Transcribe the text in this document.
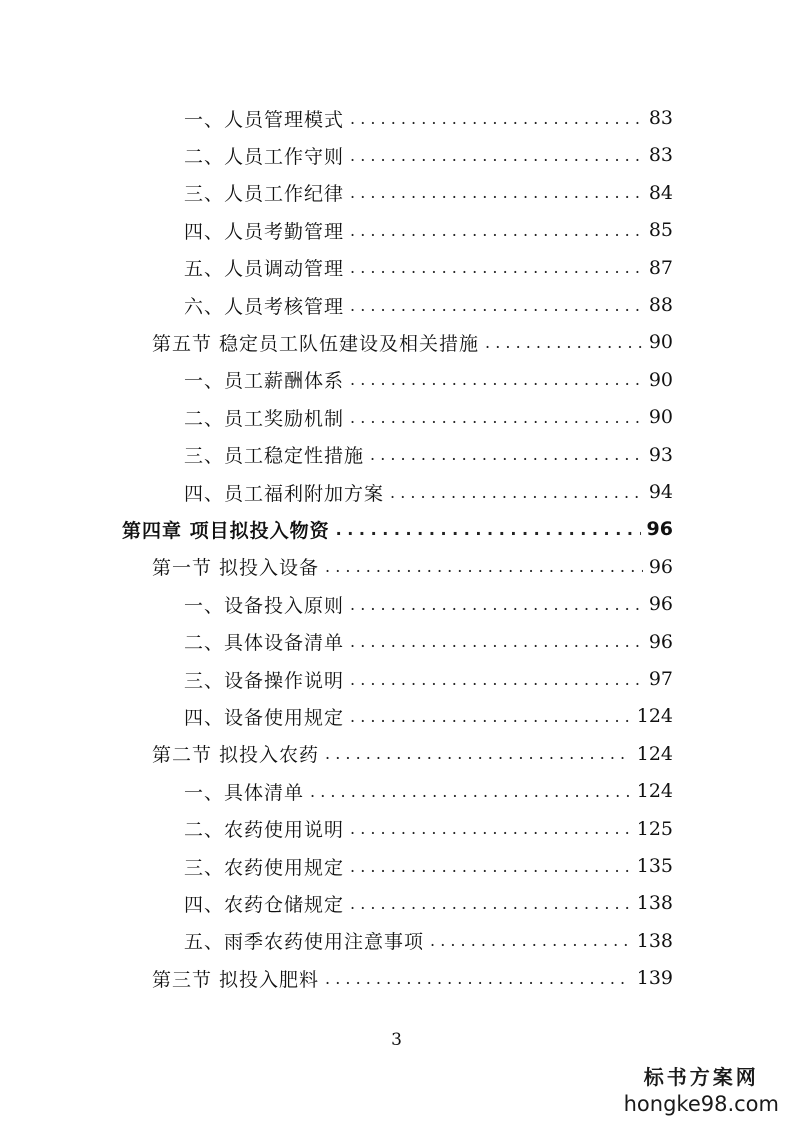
一、人员管理模式 . . .	83
二、人员工作守则 . . .	83
三、人员工作纪律 . . .	84
四、人员考勤管理 . . .	85
五、人员调动管理 . . .	87
六、人员考核管理 . . .	88
第五节 稳定员工队伍建设及相关措施 . . .	90
一、员工薪酬体系 . . .	90
二、员工奖励机制 . . .	90
三、员工稳定性措施 . . .	93
四、员工福利附加方案 . . .	94
第四章 项目拟投入物资 . . .	96
第一节 拟投入设备 . . .	96
一、设备投入原则 . . .	96
二、具体设备清单 . . .	96
三、设备操作说明 . . .	97
四、设备使用规定 . . .	124
第二节 拟投入农药 . . .	124
一、具体清单 . . .	124
二、农药使用说明 . . .	125
三、农药使用规定 . . .	135
四、农药仓储规定 . . .	138
五、雨季农药使用注意事项 . . .	138
第三节 拟投入肥料 . . .	139
3
标书方案网
hongke98.com
